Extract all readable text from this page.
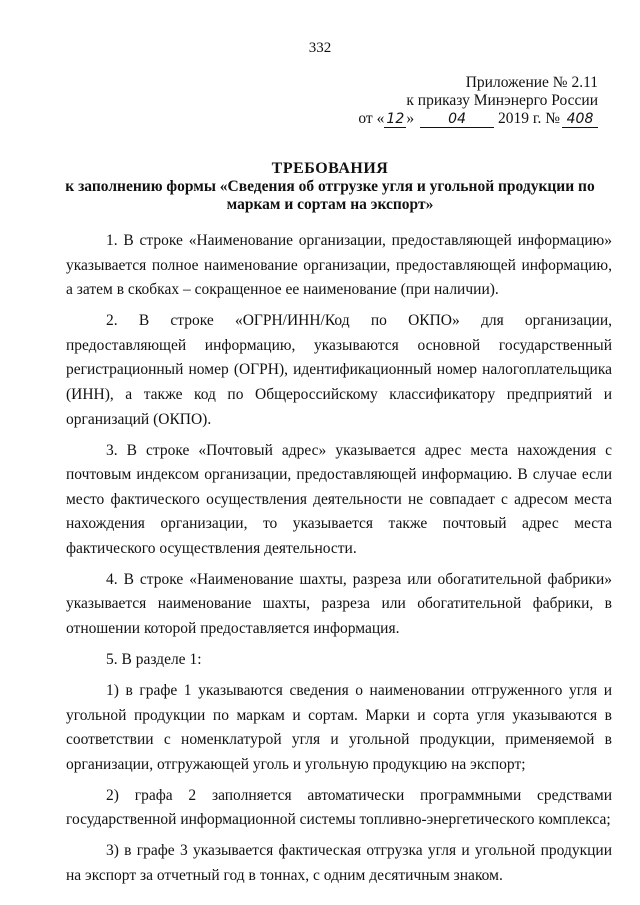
332
Приложение № 2.11
к приказу Минэнерго России
от « 12 » 04 2019 г. № 408
ТРЕБОВАНИЯ
к заполнению формы «Сведения об отгрузке угля и угольной продукции по маркам и сортам на экспорт»

1. В строке «Наименование организации, предоставляющей информацию» указывается полное наименование организации, предоставляющей информацию, а затем в скобках – сокращенное ее наименование (при наличии).

2. В строке «ОГРН/ИНН/Код по ОКПО» для организации, предоставляющей информацию, указываются основной государственный регистрационный номер (ОГРН), идентификационный номер налогоплательщика (ИНН), а также код по Общероссийскому классификатору предприятий и организаций (ОКПО).

3. В строке «Почтовый адрес» указывается адрес места нахождения с почтовым индексом организации, предоставляющей информацию. В случае если место фактического осуществления деятельности не совпадает с адресом места нахождения организации, то указывается также почтовый адрес места фактического осуществления деятельности.

4. В строке «Наименование шахты, разреза или обогатительной фабрики» указывается наименование шахты, разреза или обогатительной фабрики, в отношении которой предоставляется информация.

5. В разделе 1:

1) в графе 1 указываются сведения о наименовании отгруженного угля и угольной продукции по маркам и сортам. Марки и сорта угля указываются в соответствии с номенклатурой угля и угольной продукции, применяемой в организации, отгружающей уголь и угольную продукцию на экспорт;

2) графа 2 заполняется автоматически программными средствами государственной информационной системы топливно-энергетического комплекса;

3) в графе 3 указывается фактическая отгрузка угля и угольной продукции на экспорт за отчетный год в тоннах, с одним десятичным знаком.
